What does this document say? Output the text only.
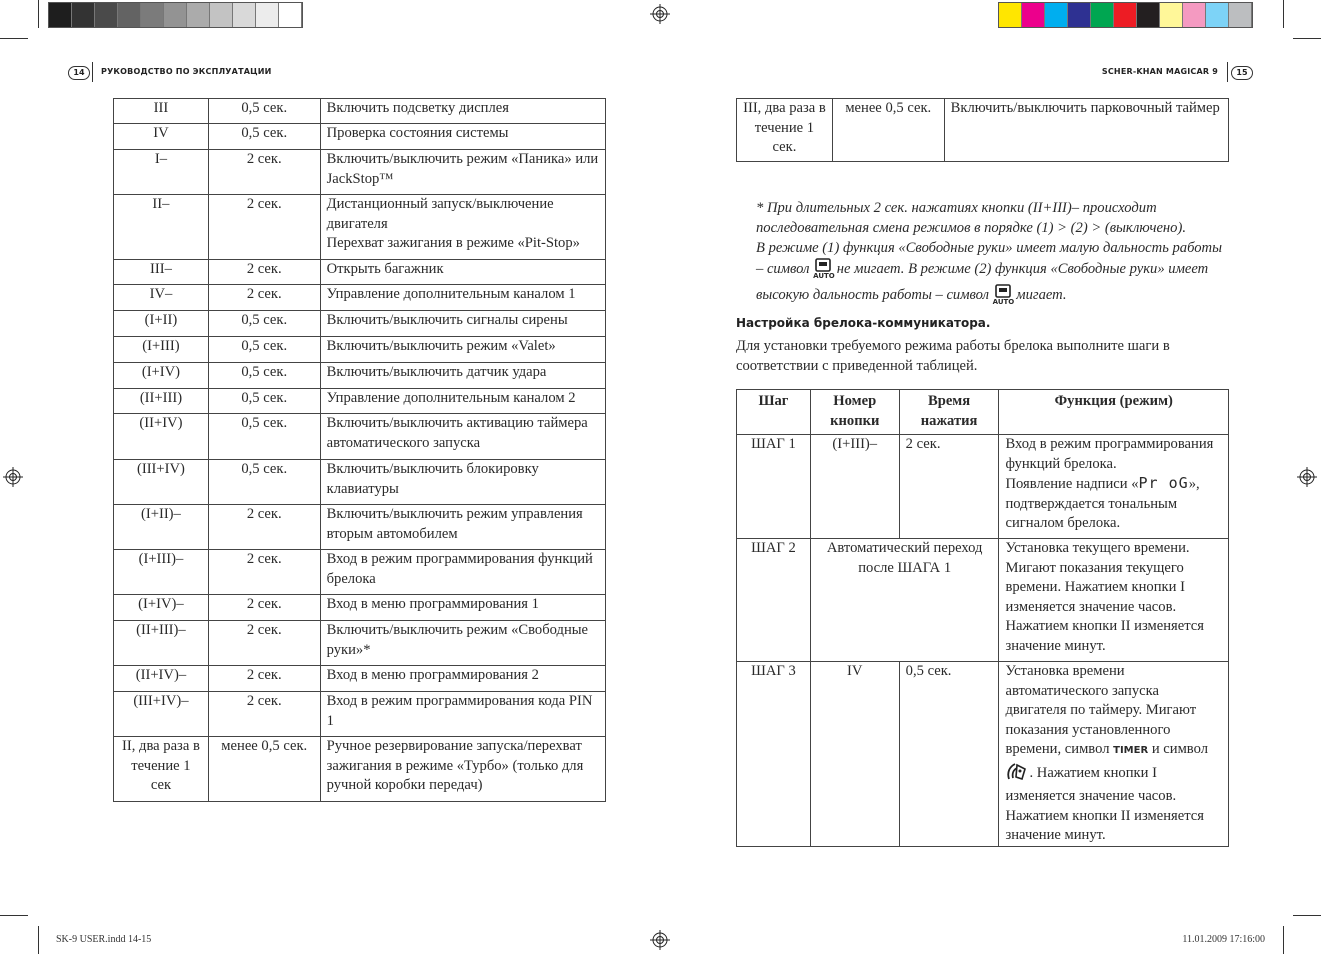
14	РУКОВОДСТВО ПО ЭКСПЛУАТАЦИИ	SCHER-KHAN MAGICAR 9	15
III	0,5 сек.	Включить подсветку дисплея
IV	0,5 сек.	Проверка состояния системы
I–	2 сек.	Включить/выключить режим «Паника» или JackStop™
II–	2 сек.	Дистанционный запуск/выключение двигателя
Перехват зажигания в режиме «Pit-Stop»
III–	2 сек.	Открыть багажник
IV–	2 сек.	Управление дополнительным каналом 1
(I+II)	0,5 сек.	Включить/выключить сигналы сирены
(I+III)	0,5 сек.	Включить/выключить режим «Valet»
(I+IV)	0,5 сек.	Включить/выключить датчик удара
(II+III)	0,5 сек.	Управление дополнительным каналом 2
(II+IV)	0,5 сек.	Включить/выключить активацию таймера автоматического запуска
(III+IV)	0,5 сек.	Включить/выключить блокировку клавиатуры
(I+II)–	2 сек.	Включить/выключить режим управления вторым автомобилем
(I+III)–	2 сек.	Вход в режим программирования функций брелока
(I+IV)–	2 сек.	Вход в меню программирования 1
(II+III)–	2 сек.	Включить/выключить режим «Свободные руки»*
(II+IV)–	2 сек.	Вход в меню программирования 2
(III+IV)–	2 сек.	Вход в режим программирования кода PIN 1
II, два раза в течение 1 сек	менее 0,5 сек.	Ручное резервирование запуска/перехват зажигания в режиме «Турбо» (только для ручной коробки передач)
III, два раза в течение 1 сек.	менее 0,5 сек.	Включить/выключить парковочный таймер
* При длительных 2 сек. нажатиях кнопки (II+III)– происходит последовательная смена режимов в порядке (1) > (2) > (выключено).
В режиме (1) функция «Свободные руки» имеет малую дальность работы – символ AUTO не мигает. В режиме (2) функция «Свободные руки» имеет высокую дальность работы – символ AUTO мигает.
Настройка брелока-коммуникатора.
Для установки требуемого режима работы брелока выполните шаги в соответствии с приведенной таблицей.
Шаг	Номер кнопки	Время нажатия	Функция (режим)
ШАГ 1	(I+III)–	2 сек.	Вход в режим программирования функций брелока.
Появление надписи «Pr oG», подтверждается тональным сигналом брелока.
ШАГ 2	Автоматический переход после ШАГА 1		Установка текущего времени. Мигают показания текущего времени. Нажатием кнопки I изменяется значение часов. Нажатием кнопки II изменяется значение минут.
ШАГ 3	IV	0,5 сек.	Установка времени автоматического запуска двигателя по таймеру. Мигают показания установленного времени, символ TIMER и символ . Нажатием кнопки I изменяется значение часов. Нажатием кнопки II изменяется значение минут.
SK-9 USER.indd 14-15	11.01.2009 17:16:00
